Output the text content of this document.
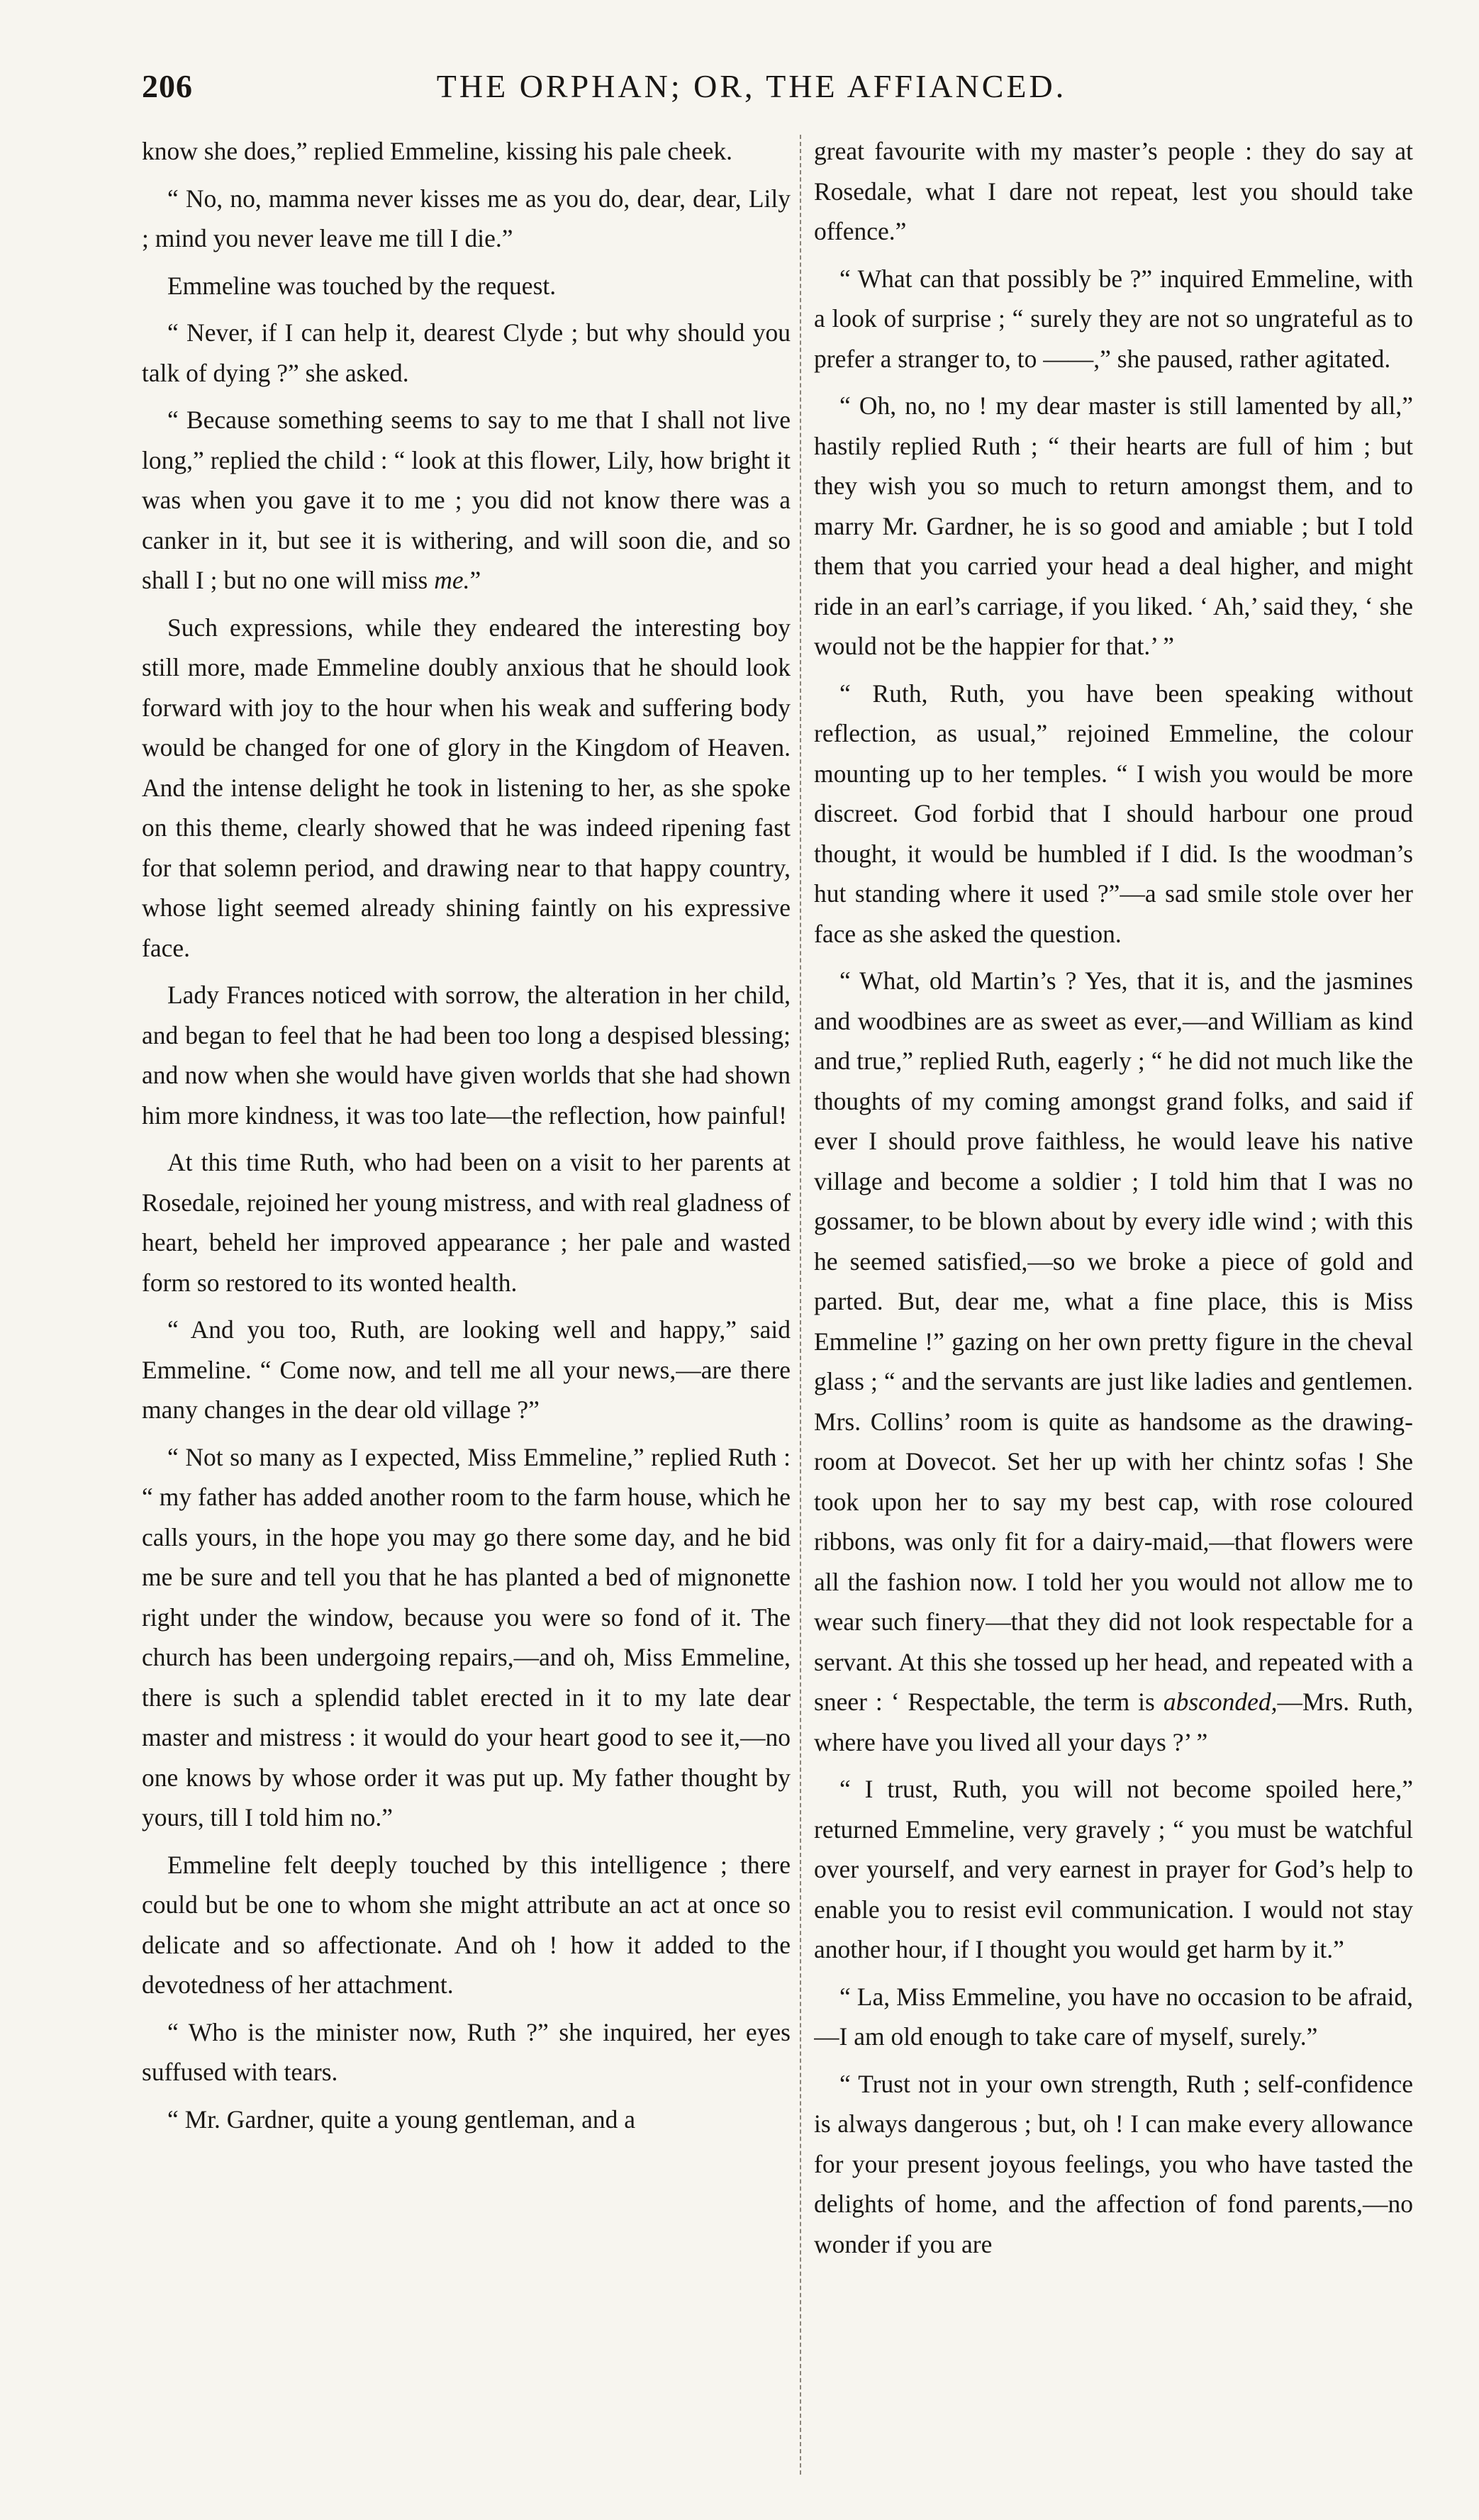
206	THE ORPHAN; OR, THE AFFIANCED.

know she does,” replied Emmeline, kissing his pale cheek.

“ No, no, mamma never kisses me as you do, dear, dear, Lily ; mind you never leave me till I die.”

Emmeline was touched by the request.

“ Never, if I can help it, dearest Clyde ; but why should you talk of dying ?” she asked.

“ Because something seems to say to me that I shall not live long,” replied the child : “ look at this flower, Lily, how bright it was when you gave it to me ; you did not know there was a canker in it, but see it is withering, and will soon die, and so shall I ; but no one will miss me.”

Such expressions, while they endeared the interesting boy still more, made Emmeline doubly anxious that he should look forward with joy to the hour when his weak and suffering body would be changed for one of glory in the Kingdom of Heaven. And the intense delight he took in listening to her, as she spoke on this theme, clearly showed that he was indeed ripening fast for that solemn period, and drawing near to that happy country, whose light seemed already shining faintly on his expressive face.

Lady Frances noticed with sorrow, the alteration in her child, and began to feel that he had been too long a despised blessing; and now when she would have given worlds that she had shown him more kindness, it was too late—the reflection, how painful!

At this time Ruth, who had been on a visit to her parents at Rosedale, rejoined her young mistress, and with real gladness of heart, beheld her improved appearance ; her pale and wasted form so restored to its wonted health.

“ And you too, Ruth, are looking well and happy,” said Emmeline. “ Come now, and tell me all your news,—are there many changes in the dear old village ?”

“ Not so many as I expected, Miss Emmeline,” replied Ruth : “ my father has added another room to the farm house, which he calls yours, in the hope you may go there some day, and he bid me be sure and tell you that he has planted a bed of mignonette right under the window, because you were so fond of it. The church has been undergoing repairs,—and oh, Miss Emmeline, there is such a splendid tablet erected in it to my late dear master and mistress : it would do your heart good to see it,—no one knows by whose order it was put up. My father thought by yours, till I told him no.”

Emmeline felt deeply touched by this intelligence ; there could but be one to whom she might attribute an act at once so delicate and so affectionate. And oh ! how it added to the devotedness of her attachment.

“ Who is the minister now, Ruth ?” she inquired, her eyes suffused with tears.

“ Mr. Gardner, quite a young gentleman, and a

great favourite with my master’s people : they do say at Rosedale, what I dare not repeat, lest you should take offence.”

“ What can that possibly be ?” inquired Emmeline, with a look of surprise ; “ surely they are not so ungrateful as to prefer a stranger to, to ——,” she paused, rather agitated.

“ Oh, no, no ! my dear master is still lamented by all,” hastily replied Ruth ; “ their hearts are full of him ; but they wish you so much to return amongst them, and to marry Mr. Gardner, he is so good and amiable ; but I told them that you carried your head a deal higher, and might ride in an earl’s carriage, if you liked. ‘ Ah,’ said they, ‘ she would not be the happier for that.’ ”

“ Ruth, Ruth, you have been speaking without reflection, as usual,” rejoined Emmeline, the colour mounting up to her temples. “ I wish you would be more discreet. God forbid that I should harbour one proud thought, it would be humbled if I did. Is the woodman’s hut standing where it used ?”—a sad smile stole over her face as she asked the question.

“ What, old Martin’s ? Yes, that it is, and the jasmines and woodbines are as sweet as ever,—and William as kind and true,” replied Ruth, eagerly ; “ he did not much like the thoughts of my coming amongst grand folks, and said if ever I should prove faithless, he would leave his native village and become a soldier ; I told him that I was no gossamer, to be blown about by every idle wind ; with this he seemed satisfied,—so we broke a piece of gold and parted. But, dear me, what a fine place, this is Miss Emmeline !” gazing on her own pretty figure in the cheval glass ; “ and the servants are just like ladies and gentlemen. Mrs. Collins’ room is quite as handsome as the drawing-room at Dovecot. Set her up with her chintz sofas ! She took upon her to say my best cap, with rose coloured ribbons, was only fit for a dairy-maid,—that flowers were all the fashion now. I told her you would not allow me to wear such finery—that they did not look respectable for a servant. At this she tossed up her head, and repeated with a sneer : ‘ Respectable, the term is absconded,—Mrs. Ruth, where have you lived all your days ?’ ”

“ I trust, Ruth, you will not become spoiled here,” returned Emmeline, very gravely ; “ you must be watchful over yourself, and very earnest in prayer for God’s help to enable you to resist evil communication. I would not stay another hour, if I thought you would get harm by it.”

“ La, Miss Emmeline, you have no occasion to be afraid,—I am old enough to take care of myself, surely.”

“ Trust not in your own strength, Ruth ; self-confidence is always dangerous ; but, oh ! I can make every allowance for your present joyous feelings, you who have tasted the delights of home, and the affection of fond parents,—no wonder if you are
